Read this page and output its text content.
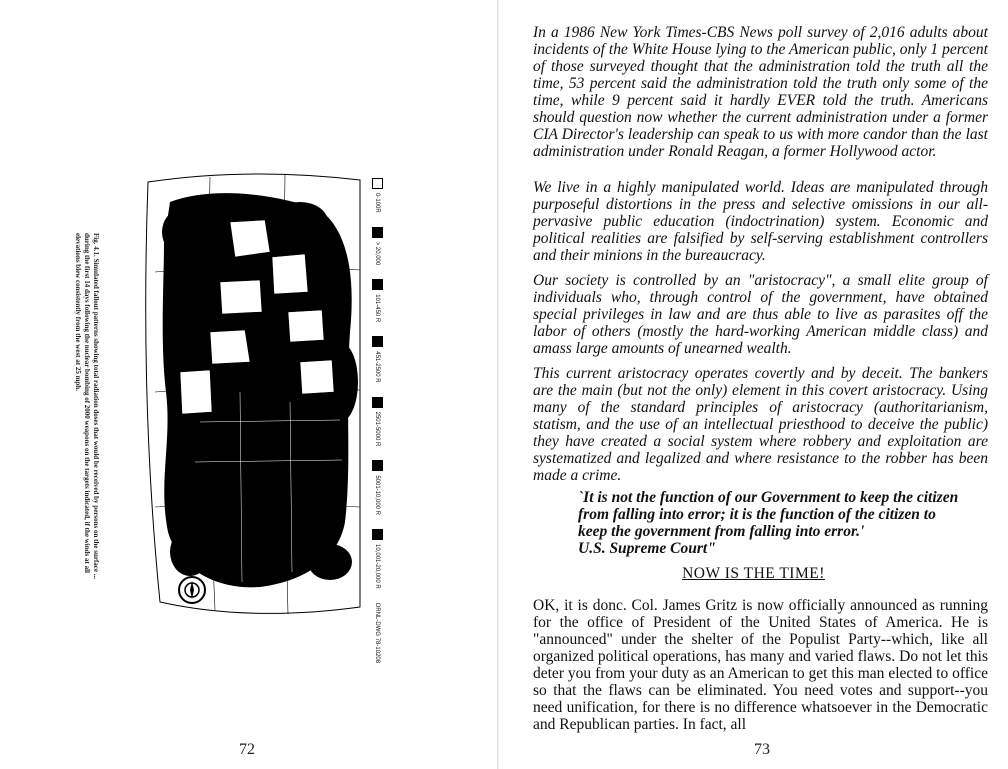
Fig. 4.1. Simulated fallout patterns showing total radiation doses that would be received by persons on the surface ... during the first 14 days following the nuclear bombing of 2000 weapons on the targets indicated, if the winds at all elevations blew consistently from the west at 25 mph.
0-100R
> 20,000
101-450 R
451-2500 R
2501-5000 R
5001-10,000 R
10,001-20,000 R
ORNL-DWG 78-10208
72

In a 1986 New York Times-CBS News poll survey of 2,016 adults about incidents of the White House lying to the American public, only 1 percent of those surveyed thought that the administration told the truth all the time, 53 percent said the administration told the truth only some of the time, while 9 percent said it hardly EVER told the truth. Americans should question now whether the current administration under a former CIA Director's leadership can speak to us with more candor than the last administration under Ronald Reagan, a former Hollywood actor.

We live in a highly manipulated world. Ideas are manipulated through purposeful distortions in the press and selective omissions in our all-pervasive public education (indoctrination) system. Economic and political realities are falsified by self-serving establishment controllers and their minions in the bureaucracy.

Our society is controlled by an "aristocracy", a small elite group of individuals who, through control of the government, have obtained special privileges in law and are thus able to live as parasites off the labor of others (mostly the hard-working American middle class) and amass large amounts of unearned wealth.

This current aristocracy operates covertly and by deceit. The bankers are the main (but not the only) element in this covert aristocracy. Using many of the standard principles of aristocracy (authoritarianism, statism, and the use of an intellectual priesthood to deceive the public) they have created a social system where robbery and exploitation are systematized and legalized and where resistance to the robber has been made a crime.

`It is not the function of our Government to keep the citizen from falling into error; it is the function of the citizen to keep the government from falling into error.'
U.S. Supreme Court"

NOW IS THE TIME!

OK, it is donc. Col. James Gritz is now officially announced as running for the office of President of the United States of America. He is "announced" under the shelter of the Populist Party--which, like all organized political operations, has many and varied flaws. Do not let this deter you from your duty as an American to get this man elected to office so that the flaws can be eliminated. You need votes and support--you need unification, for there is no difference whatsoever in the Democratic and Republican parties. In fact, all

73
